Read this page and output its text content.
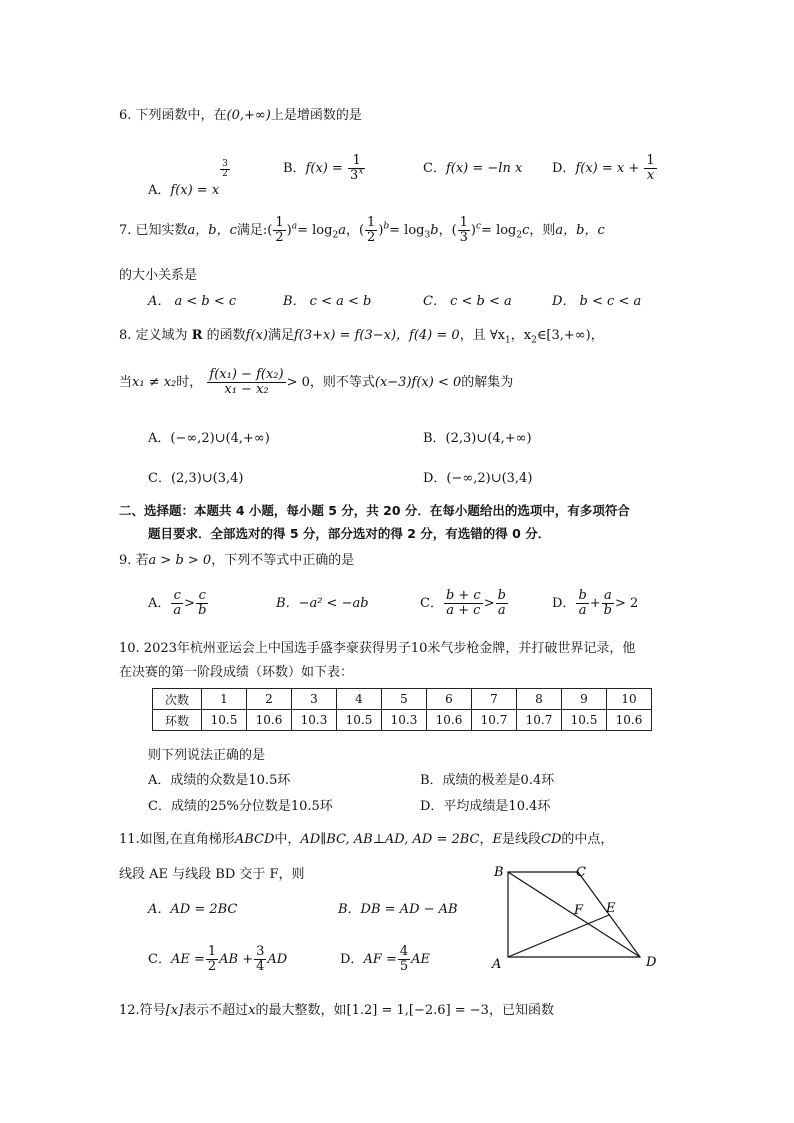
6. 下列函数中，在(0,+∞)上是增函数的是
A．f(x) = x
$\frac{3}{2}$	B．$f(x) = \frac{1}{3^x}$	C．f(x) = −ln x D．$f(x) = x + \frac{1}{x}$
7. 已知实数a，b，c满足:( $\frac{1}{2} )^a= \log_2a$，( $\frac{1}{2} )^b= \log_3b$，( $\frac{1}{3} )^c= \log_2c$，则a，b，c
的大小关系是
A． a < b < c	B． c < a < b	C． c < b < a	D． b < c < a
8. 定义域为 R 的函数f(x)满足f(3+x) = f(3−x)，f(4) = 0，且 $\forall x_1$，$x_2\in[3,+\infty)$，
当x₁ ≠ x₂时， $\frac{\text{f(x₁) − f(x₂)}}{\text{x₁ − x₂}} > 0$，则不等式(x−3)f(x) < 0的解集为
A．(−∞,2)∪(4,+∞)	B．(2,3)∪(4,+∞)
C．(2,3)∪(3,4)	D．(−∞,2)∪(3,4)
二、选择题：本题共 4 小题，每小题 5 分，共 20 分．在每小题给出的选项中，有多项符合
题目要求．全部选对的得 5 分，部分选对的得 2 分，有选错的得 0 分．
9. 若a > b > 0，下列不等式中正确的是
A． $\frac{c}{a} > \frac{c}{b}$	B．−a² < −ab	C． $\frac{b + c}{a + c} > \frac{b}{a}$	D． $\frac{b}{a} + \frac{a}{b} > 2$
10. 2023年杭州亚运会上中国选手盛李豪获得男子10米气步枪金牌，并打破世界记录，他
在决赛的第一阶段成绩（环数）如下表：
次数	1	2	3	4	5	6	7	8	9	10
环数	10.5	10.6	10.3	10.5	10.3	10.6	10.7	10.7	10.5	10.6
则下列说法正确的是
A．成绩的众数是10.5环	B．成绩的极差是0.4环
C．成绩的25%分位数是10.5环	D．平均成绩是10.4环
11.如图,在直角梯形ABCD中，AD∥BC, AB⊥AD, AD = 2BC，E是线段CD的中点，
线段 AE 与线段 BD 交于 F，则
A．AD = 2BC	B．DB = AD − AB
C．AE = $\frac{1}{2}$ AB + $\frac{3}{4}$ AD	D．AF = $\frac{4}{5}$ AE
B	C
F E
A	D
12.符号[x]表示不超过x的最大整数，如[1.2] = 1,[−2.6] = −3，已知函数
